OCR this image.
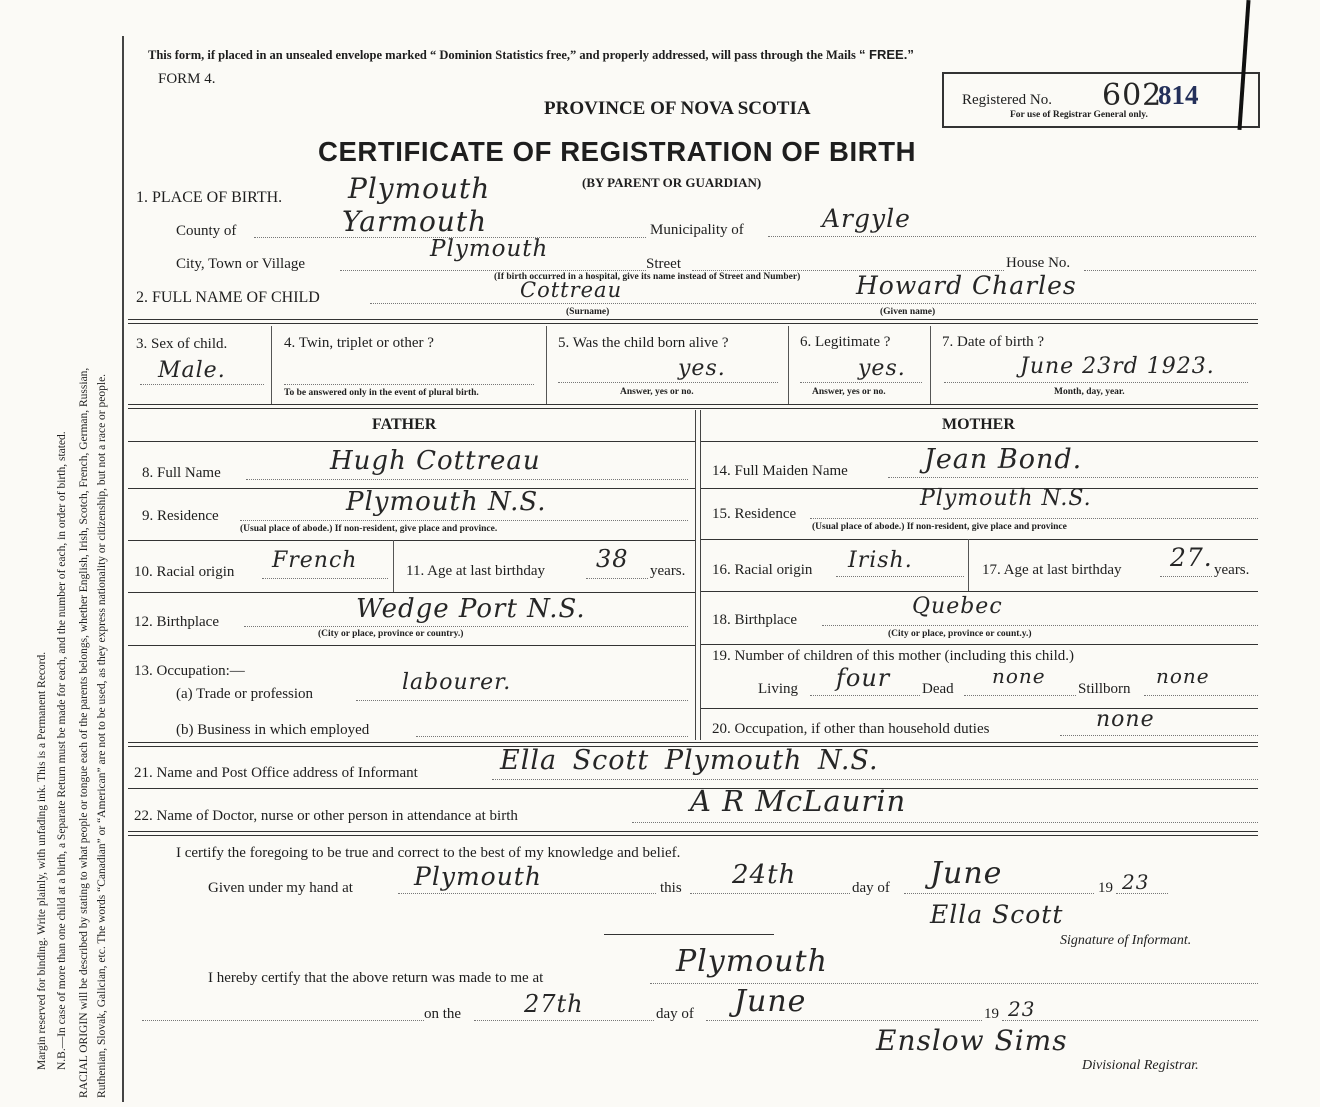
Margin reserved for binding. Write plainly, with unfading ink. This is a Permanent Record. N.B.—In case of more than one child at a birth, a Separate Return must be made for each, and the number of each, in order of birth, stated. RACIAL ORIGIN will be described by stating to what people or tongue each of the parents belongs, whether English, Irish, Scotch, French, German, Russian, Ruthenian, Slovak, Galician, etc. The words “Canadian” or “American” are not to be used, as they express nationality or citizenship, but not a race or people.
This form, if placed in an unsealed envelope marked “ Dominion Statistics free,” and properly addressed, will pass through the Mails “ FREE.”
FORM 4.
PROVINCE OF NOVA SCOTIA	Registered No. 602
814
For use of Registrar General only.
CERTIFICATE OF REGISTRATION OF BIRTH
(BY PARENT OR GUARDIAN)
1. PLACE OF BIRTH. Plymouth
County of	Yarmouth	Municipality of	Argyle
City, Town or Village
Plymouth
Street	House No.
(If birth occurred in a hospital, give its name instead of Street and Number)
2. FULL NAME OF CHILD	Cottreau	Howard Charles
(Surname)	(Given name)
3. Sex of child.
Male.
4. Twin, triplet or other ?
To be answered only in the event of plural birth.
5. Was the child born alive ?
yes.
Answer, yes or no.
6. Legitimate ?
yes.
Answer, yes or no.
7. Date of birth ?
June 23rd 1923.
Month, day, year.
FATHER	MOTHER
8. Full Name	Hugh Cottreau
9. Residence	Plymouth N.S.
(Usual place of abode.) If non-resident, give place and province.
10. Racial origin French	11. Age at last birthday 38 years.
12. Birthplace	Wedge Port N.S.
(City or place, province or country.)
13. Occupation:—
(a) Trade or profession	labourer.
(b) Business in which employed
14. Full Maiden Name	Jean Bond.
15. Residence
Plymouth N.S.
(Usual place of abode.) If non-resident, give place and province
16. Racial origin Irish.	17. Age at last birthday 27. years.
18. Birthplace
Quebec
(City or place, province or count.y.)
19. Number of children of this mother (including this child.)
Living four Dead
none
Stillborn
none
20. Occupation, if other than household duties	none
21. Name and Post Office address of Informant	Ella Scott Plymouth N.S.
22. Name of Doctor, nurse or other person in attendance at birth	A R McLaurin
I certify the foregoing to be true and correct to the best of my knowledge and belief.
Given under my hand at Plymouth	this 24th	day of June	19 23
Ella Scott
Signature of Informant.
I hereby certify that the above return was made to me at	Plymouth
on the	27th	day of June	19 23
Enslow Sims
Divisional Registrar.
